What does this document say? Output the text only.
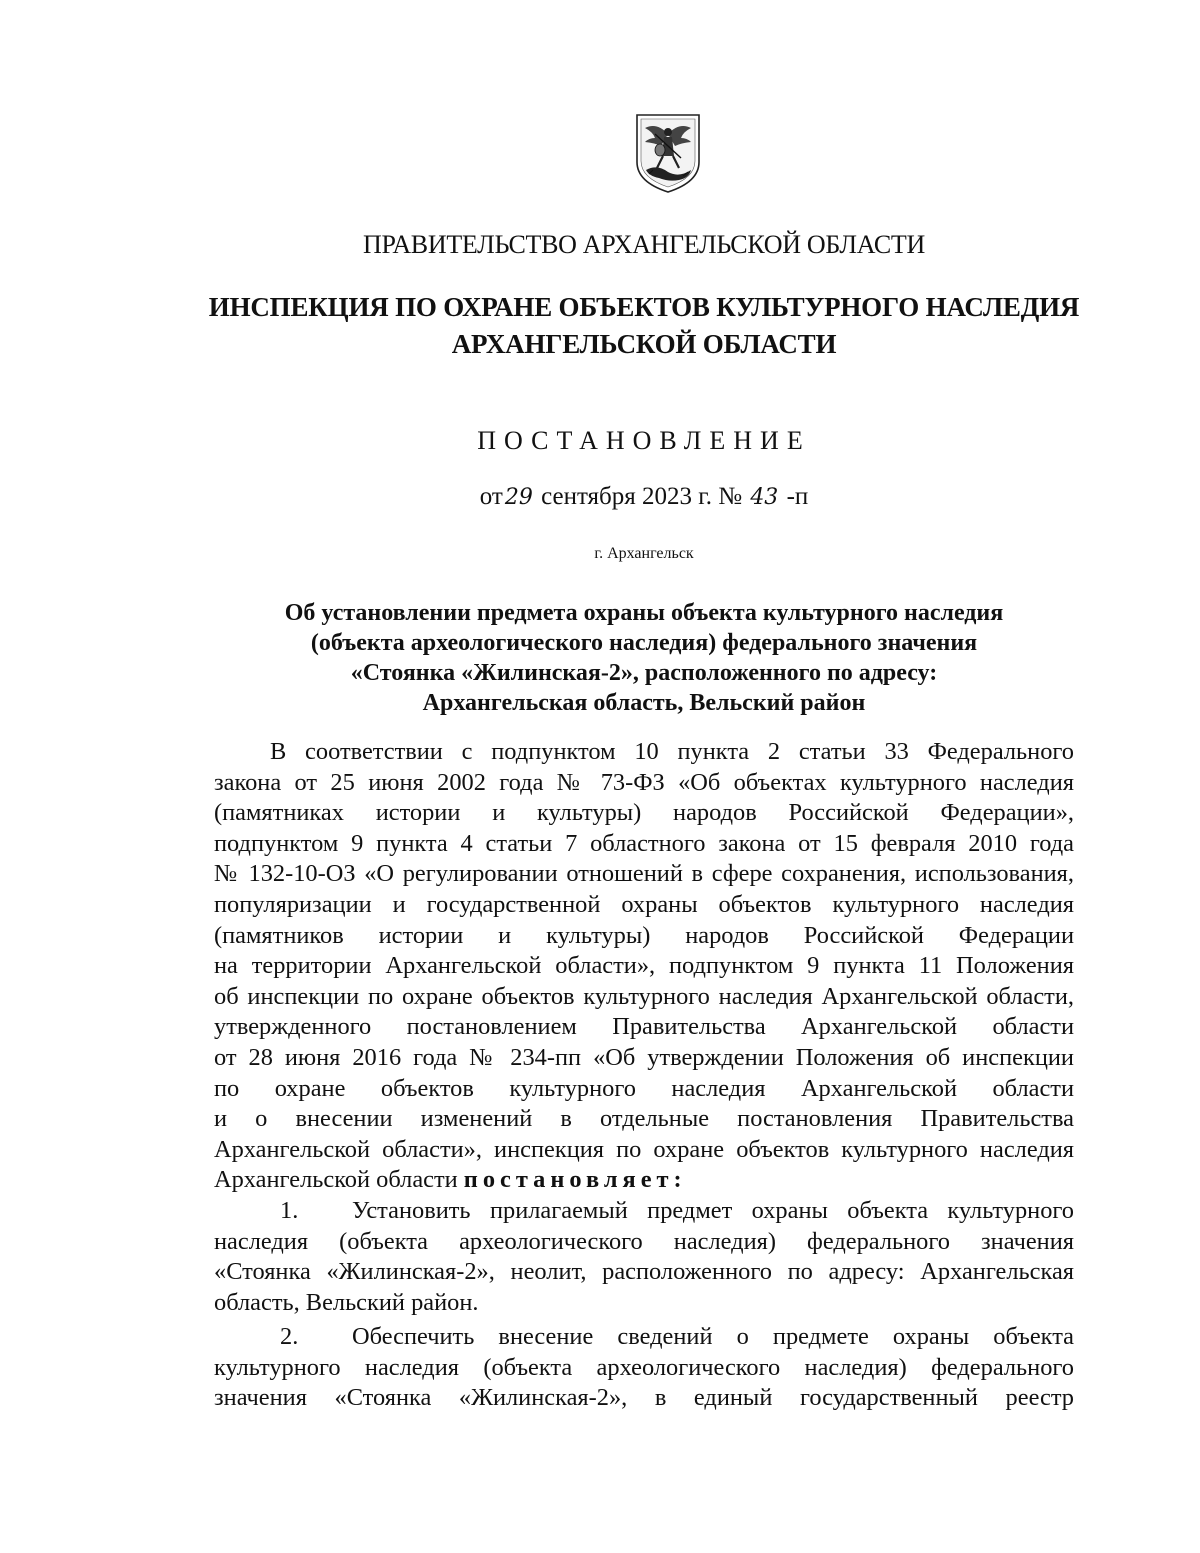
ПРАВИТЕЛЬСТВО АРХАНГЕЛЬСКОЙ ОБЛАСТИ
ИНСПЕКЦИЯ ПО ОХРАНЕ ОБЪЕКТОВ КУЛЬТУРНОГО НАСЛЕДИЯ
АРХАНГЕЛЬСКОЙ ОБЛАСТИ
ПОСТАНОВЛЕНИЕ
от29 сентября 2023 г. № 43 -п
г. Архангельск
Об установлении предмета охраны объекта культурного наследия
(объекта археологического наследия) федерального значения
«Стоянка «Жилинская-2», расположенного по адресу:
Архангельская область, Вельский район
В соответствии с подпунктом 10 пункта 2 статьи 33 Федерального
закона от 25 июня 2002 года № 73-ФЗ «Об объектах культурного наследия
(памятниках истории и культуры) народов Российской Федерации»,
подпунктом 9 пункта 4 статьи 7 областного закона от 15 февраля 2010 года
№ 132-10-ОЗ «О регулировании отношений в сфере сохранения, использования,
популяризации и государственной охраны объектов культурного наследия
(памятников истории и культуры) народов Российской Федерации
на территории Архангельской области», подпунктом 9 пункта 11 Положения
об инспекции по охране объектов культурного наследия Архангельской области,
утвержденного постановлением Правительства Архангельской области
от 28 июня 2016 года № 234-пп «Об утверждении Положения об инспекции
по охране объектов культурного наследия Архангельской области
и о внесении изменений в отдельные постановления Правительства
Архангельской области», инспекция по охране объектов культурного наследия
Архангельской области постановляет:
1. Установить прилагаемый предмет охраны объекта культурного
наследия (объекта археологического наследия) федерального значения
«Стоянка «Жилинская-2», неолит, расположенного по адресу: Архангельская
область, Вельский район.
2. Обеспечить внесение сведений о предмете охраны объекта
культурного наследия (объекта археологического наследия) федерального
значения «Стоянка «Жилинская-2», в единый государственный реестр
